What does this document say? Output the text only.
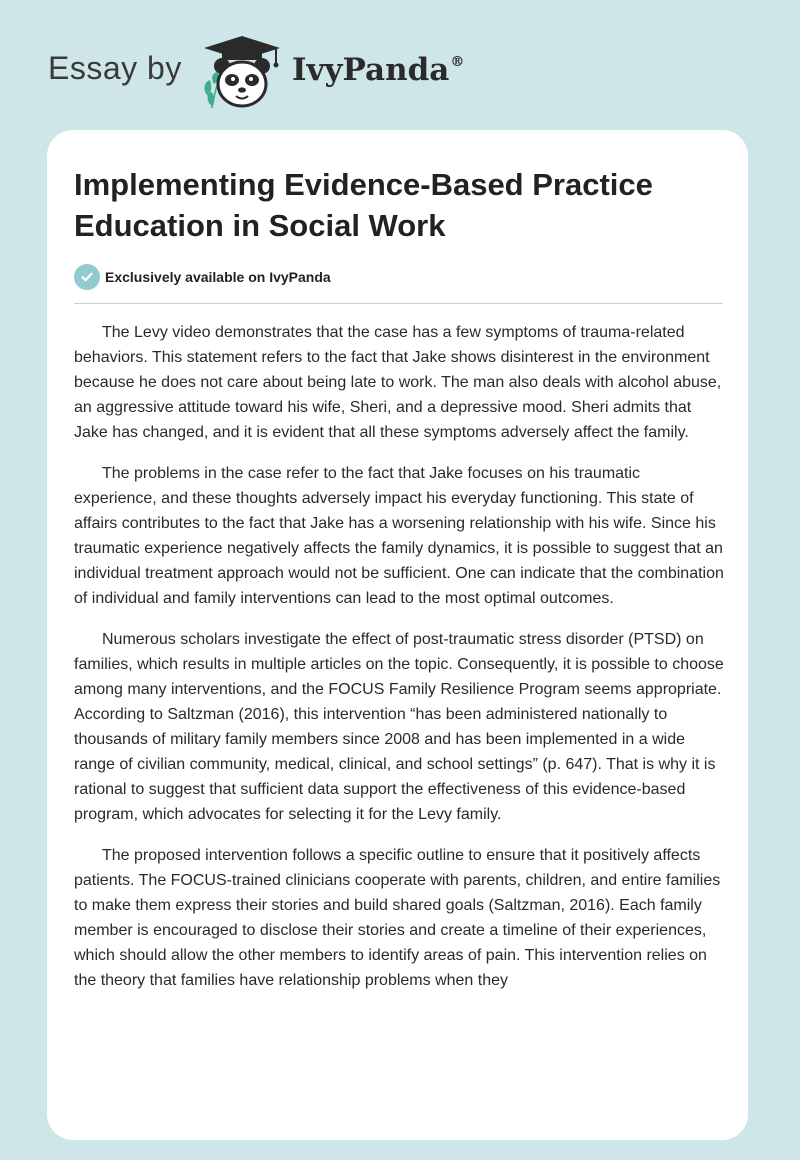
Essay by	IvyPanda®
Implementing Evidence-Based Practice Education in Social Work
Exclusively available on IvyPanda

The Levy video demonstrates that the case has a few symptoms of trauma-related behaviors. This statement refers to the fact that Jake shows disinterest in the environment because he does not care about being late to work. The man also deals with alcohol abuse, an aggressive attitude toward his wife, Sheri, and a depressive mood. Sheri admits that Jake has changed, and it is evident that all these symptoms adversely affect the family.

The problems in the case refer to the fact that Jake focuses on his traumatic experience, and these thoughts adversely impact his everyday functioning. This state of affairs contributes to the fact that Jake has a worsening relationship with his wife. Since his traumatic experience negatively affects the family dynamics, it is possible to suggest that an individual treatment approach would not be sufficient. One can indicate that the combination of individual and family interventions can lead to the most optimal outcomes.

Numerous scholars investigate the effect of post-traumatic stress disorder (PTSD) on families, which results in multiple articles on the topic. Consequently, it is possible to choose among many interventions, and the FOCUS Family Resilience Program seems appropriate. According to Saltzman (2016), this intervention “has been administered nationally to thousands of military family members since 2008 and has been implemented in a wide range of civilian community, medical, clinical, and school settings” (p. 647). That is why it is rational to suggest that sufficient data support the effectiveness of this evidence-based program, which advocates for selecting it for the Levy family.

The proposed intervention follows a specific outline to ensure that it positively affects patients. The FOCUS-trained clinicians cooperate with parents, children, and entire families to make them express their stories and build shared goals (Saltzman, 2016). Each family member is encouraged to disclose their stories and create a timeline of their experiences, which should allow the other members to identify areas of pain. This intervention relies on the theory that families have relationship problems when they
